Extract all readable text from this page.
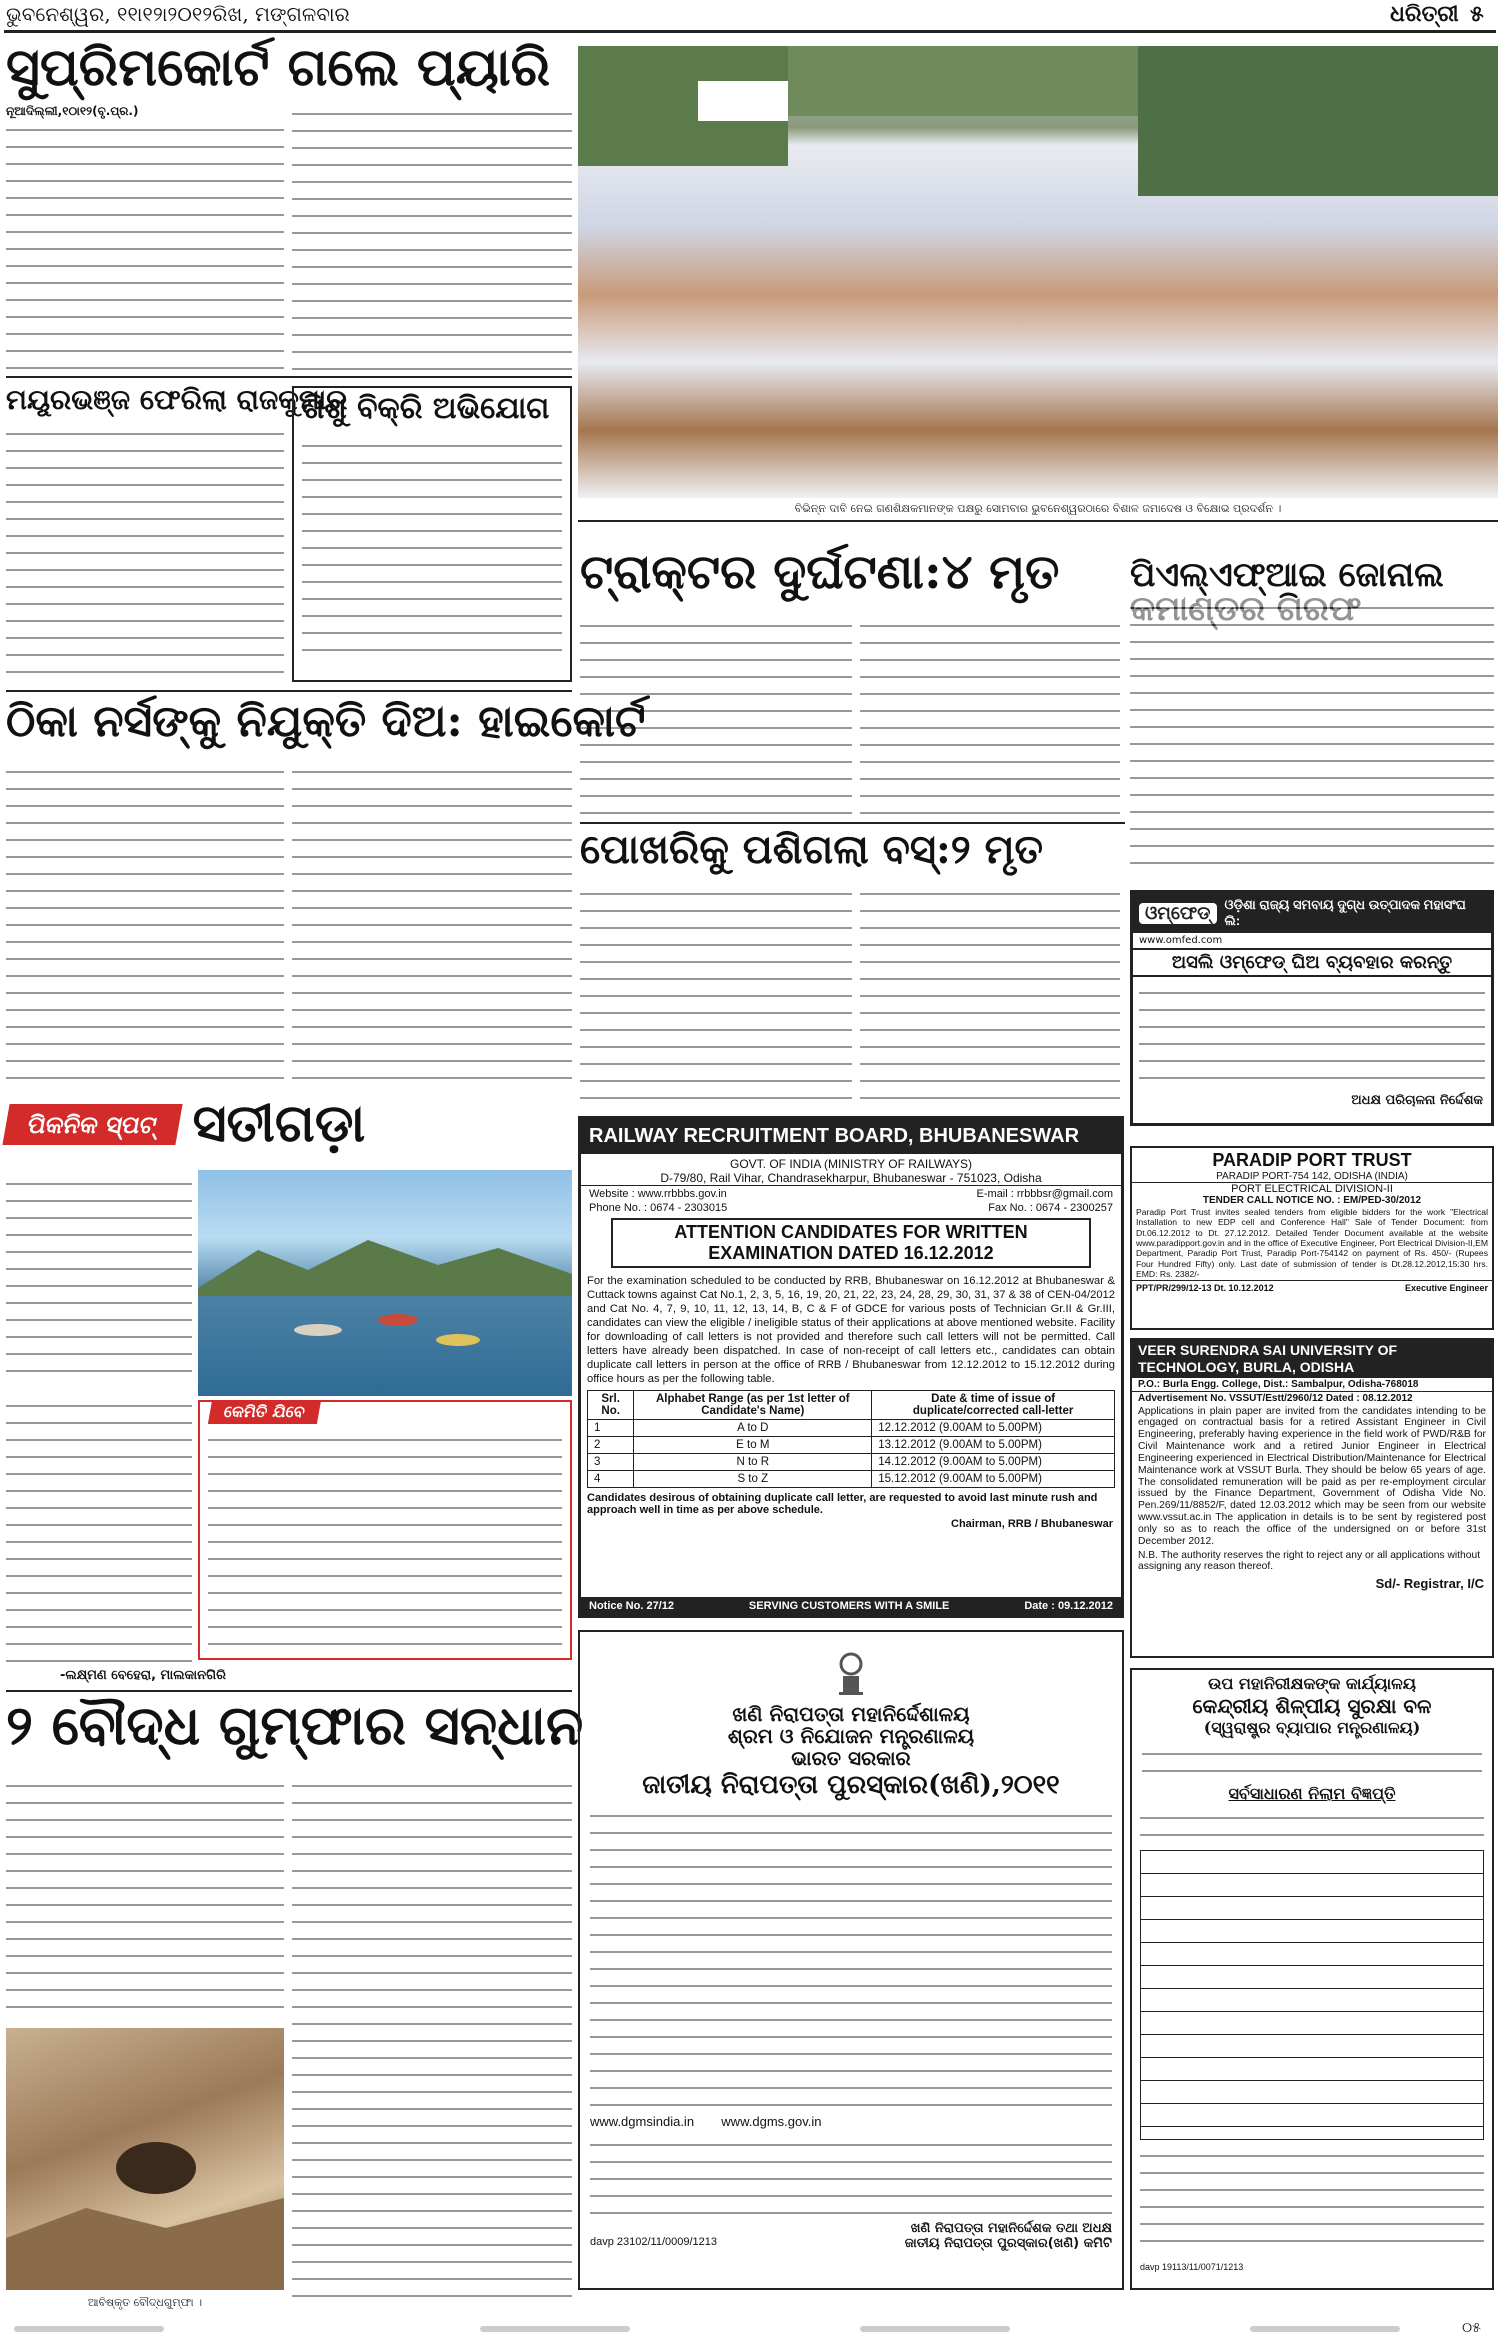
ଭୁବନେଶ୍ୱର, ୧୧ା୧୨ା୨୦୧୨ରିଖ, ମଙ୍ଗଳବାର	ଧରିତ୍ରୀ ୫
ସୁପ୍ରିମକୋର୍ଟ ଗଲେ ପ୍ୟାରି
ନୂଆଦିଲ୍ଲୀ,୧୦ା୧୨(ବୃ.ପ୍ର.)
ମୟୂରଭଞ୍ଜ ଫେରିଲା ରାଜକୁମାର
ଶିଶୁ ବିକ୍ରି ଅଭିଯୋଗ
ବିଭିନ୍ନ ଦାବି ନେଇ ଗଣଶିକ୍ଷକମାନଙ୍କ ପକ୍ଷରୁ ସୋମବାର ଭୁବନେଶ୍ୱରଠାରେ ବିଶାଳ ଜମାଦେଷ ଓ ବିକ୍ଷୋଭ ପ୍ରଦର୍ଶନ ।
ଟ୍ରାକ୍ଟର ଦୁର୍ଘଟଣା:୪ ମୃତ ପିଏଲ୍‌ଏଫ୍ଆଇ ଜୋନାଲ
ଠିକା ନର୍ସଙ୍କୁ ନିଯୁକ୍ତି ଦିଅ: ହାଇକୋର୍ଟ
ପୋଖରିକୁ ପଶିଗଲା ବସ୍:୨ ମୃତ
ଓମ୍‌ଫେଡ୍	ଓଡ଼ିଶା ରାଜ୍ୟ ସମବାୟ ଦୁଗ୍ଧ ଉତ୍ପାଦକ ମହାସଂଘ ଲି:
www.omfed.com
ଅସଲି ଓମ୍‌ଫେଡ୍ ଘିଅ ବ୍ୟବହାର କରନ୍ତୁ
ଅଧକ୍ଷ ପରିଚାଳନା ନିର୍ଦ୍ଦେଶକ
ପିକନିକ ସ୍ପଟ୍ ସତୀଗଡ଼ା
କେମିତି ଯିବେ
-ଲକ୍ଷ୍ମଣ ବେହେରା, ମାଲକାନଗିରି
RAILWAY RECRUITMENT BOARD, BHUBANESWAR
GOVT. OF INDIA (MINISTRY OF RAILWAYS)
D-79/80, Rail Vihar, Chandrasekharpur, Bhubaneswar - 751023, Odisha
Website : www.rrbbbs.gov.in	E-mail : rrbbbsr@gmail.com
Phone No. : 0674 - 2303015	Fax No. : 0674 - 2300257
ATTENTION CANDIDATES FOR WRITTEN EXAMINATION DATED 16.12.2012
For the examination scheduled to be conducted by RRB, Bhubaneswar on 16.12.2012 at Bhubaneswar & Cuttack towns against Cat No.1, 2, 3, 5, 16, 19, 20, 21, 22, 23, 24, 28, 29, 30, 31, 37 & 38 of CEN-04/2012 and Cat No. 4, 7, 9, 10, 11, 12, 13, 14, B, C & F of GDCE for various posts of Technician Gr.II & Gr.III, candidates can view the eligible / ineligible status of their applications at above mentioned website. Facility for downloading of call letters is not provided and therefore such call letters will not be permitted. Call letters have already been dispatched. In case of non-receipt of call letters etc., candidates can obtain duplicate call letters in person at the office of RRB / Bhubaneswar from 12.12.2012 to 15.12.2012 during office hours as per the following table.
Srl. No.	Alphabet Range (as per 1st letter of Candidate's Name)	Date & time of issue of duplicate/corrected call-letter
1	A to D	12.12.2012 (9.00AM to 5.00PM)
2	E to M	13.12.2012 (9.00AM to 5.00PM)
3	N to R	14.12.2012 (9.00AM to 5.00PM)
4	S to Z	15.12.2012 (9.00AM to 5.00PM)
Candidates desirous of obtaining duplicate call letter, are requested to avoid last minute rush and approach well in time as per above schedule.
Chairman, RRB / Bhubaneswar
Notice No. 27/12	SERVING CUSTOMERS WITH A SMILE	Date : 09.12.2012
PARADIP PORT TRUST
PARADIP PORT-754 142, ODISHA (INDIA)
PORT ELECTRICAL DIVISION-II
TENDER CALL NOTICE NO. : EM/PED-30/2012
Paradip Port Trust invites sealed tenders from eligible bidders for the work "Electrical Installation to new EDP cell and Conference Hall" Sale of Tender Document: from Dt.06.12.2012 to Dt. 27.12.2012. Detailed Tender Document available at the website www.paradipport.gov.in and in the office of Executive Engineer, Port Electrical Division-II,EM Department, Paradip Port Trust, Paradip Port-754142 on payment of Rs. 450/- (Rupees Four Hundred Fifty) only. Last date of submission of tender is Dt.28.12.2012,15:30 hrs. EMD: Rs. 2382/-
PPT/PR/299/12-13 Dt. 10.12.2012	Executive Engineer
VEER SURENDRA SAI UNIVERSITY OF TECHNOLOGY, BURLA, ODISHA
P.O.: Burla Engg. College, Dist.: Sambalpur, Odisha-768018
Advertisement No. VSSUT/Estt/2960/12 Dated : 08.12.2012
Applications in plain paper are invited from the candidates intending to be engaged on contractual basis for a retired Assistant Engineer in Civil Engineering, preferably having experience in the field work of PWD/R&B for Civil Maintenance work and a retired Junior Engineer in Electrical Engineering experienced in Electrical Distribution/Maintenance for Electrical Maintenance work at VSSUT Burla. They should be below 65 years of age. The consolidated remuneration will be paid as per re-employment circular issued by the Finance Department, Government of Odisha Vide No. Pen.269/11/8852/F, dated 12.03.2012 which may be seen from our website www.vssut.ac.in The application in details is to be sent by registered post only so as to reach the office of the undersigned on or before 31st December 2012.
N.B. The authority reserves the right to reject any or all applications without assigning any reason thereof.
Sd/- Registrar, I/C
୨ ବୌଦ୍ଧ ଗୁମ୍ଫାର ସନ୍ଧାନ
ଆବିଷ୍କୃତ ବୌଦ୍ଧଗୁମ୍ଫା ।
ଖଣି ନିରାପତ୍ତା ମହାନିର୍ଦ୍ଦେଶାଳୟ
ଶ୍ରମ ଓ ନିଯୋଜନ ମନ୍ତ୍ରଣାଳୟ
ଭାରତ ସରକାର
ଜାତୀୟ ନିରାପତ୍ତା ପୁରସ୍କାର(ଖଣି),୨୦୧୧
www.dgmsindia.in www.dgms.gov.in
ଖଣି ନିରାପତ୍ତା ମହାନିର୍ଦ୍ଦେଶକ ତଥା ଅଧକ୍ଷ
davp 23102/11/0009/1213	ଜାତୀୟ ନିରାପତ୍ତା ପୁରସ୍କାର(ଖଣି) କମିଟି
ଉପ ମହାନିରୀକ୍ଷକଙ୍କ କାର୍ଯ୍ୟାଳୟ
କେନ୍ଦ୍ରୀୟ ଶିଳ୍ପୀୟ ସୁରକ୍ଷା ବଳ
(ସ୍ୱରାଷ୍ଟ୍ର ବ୍ୟାପାର ମନ୍ତ୍ରଣାଳୟ)
ସର୍ବସାଧାରଣ ନିଲାମ ବିଜ୍ଞପ୍ତି
davp 19113/11/0071/1213
୦୫
